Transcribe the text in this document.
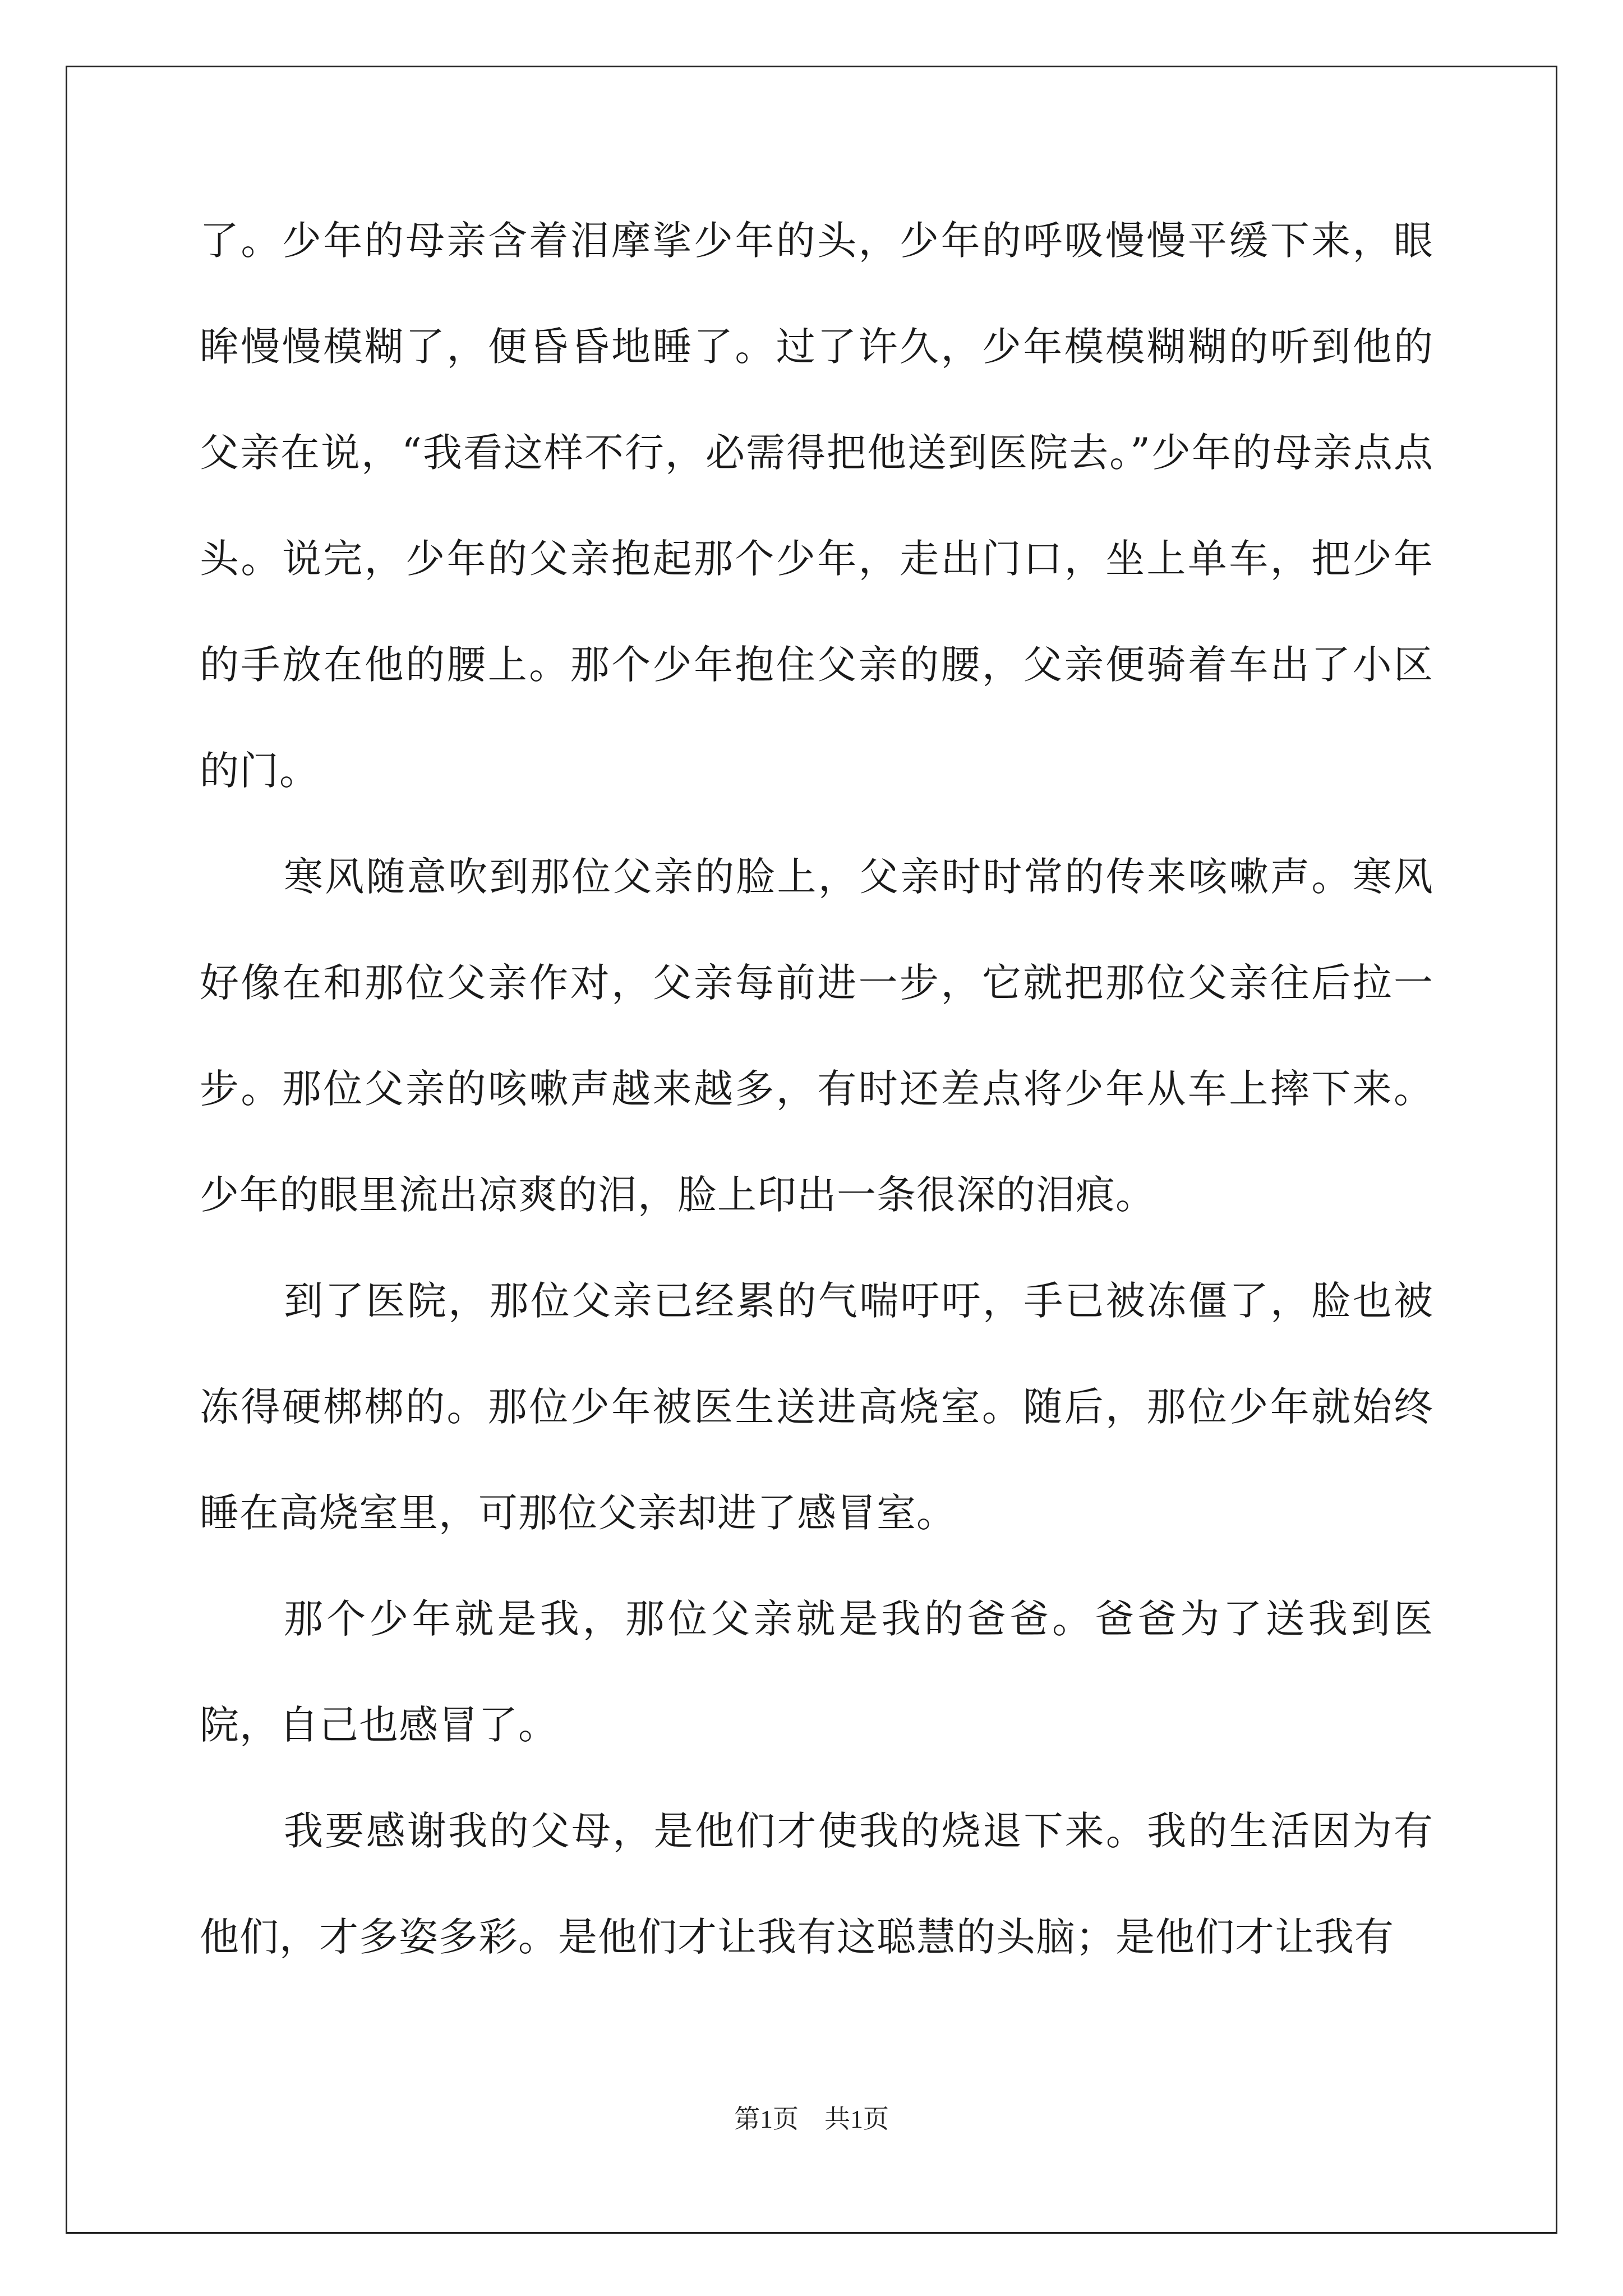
了。少年的母亲含着泪摩挲少年的头，少年的呼吸慢慢平缓下来，眼眸慢慢模糊了，便昏昏地睡了。过了许久，少年模模糊糊的听到他的父亲在说，“我看这样不行，必需得把他送到医院去。”少年的母亲点点头。说完，少年的父亲抱起那个少年，走出门口，坐上单车，把少年的手放在他的腰上。那个少年抱住父亲的腰，父亲便骑着车出了小区的门。

寒风随意吹到那位父亲的脸上，父亲时时常的传来咳嗽声。寒风好像在和那位父亲作对，父亲每前进一步，它就把那位父亲往后拉一步。那位父亲的咳嗽声越来越多，有时还差点将少年从车上摔下来。少年的眼里流出凉爽的泪，脸上印出一条很深的泪痕。

到了医院，那位父亲已经累的气喘吁吁，手已被冻僵了，脸也被冻得硬梆梆的。那位少年被医生送进高烧室。随后，那位少年就始终睡在高烧室里，可那位父亲却进了感冒室。

那个少年就是我，那位父亲就是我的爸爸。爸爸为了送我到医院，自己也感冒了。

我要感谢我的父母，是他们才使我的烧退下来。我的生活因为有他们，才多姿多彩。是他们才让我有这聪慧的头脑；是他们才让我有

第1页 共1页
